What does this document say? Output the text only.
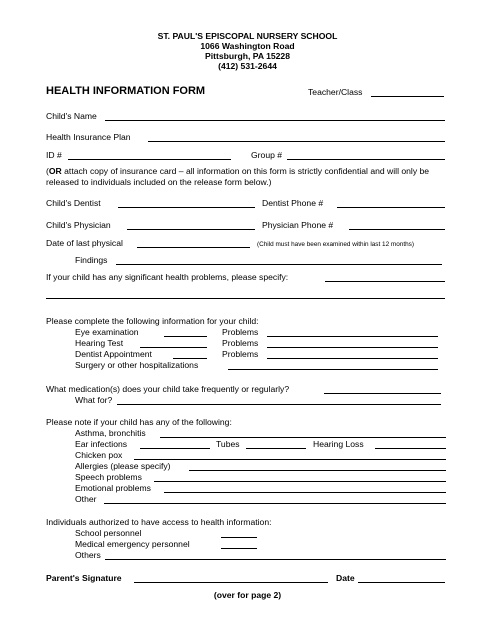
ST. PAUL'S EPISCOPAL NURSERY SCHOOL
1066 Washington Road
Pittsburgh, PA 15228
(412) 531-2644
HEALTH INFORMATION FORM	Teacher/Class
Child's Name
Health Insurance Plan
ID #	Group #
(OR attach copy of insurance card – all information on this form is strictly confidential and will only be released to individuals included on the release form below.)
Child's Dentist	Dentist Phone #
Child's Physician	Physician Phone #
Date of last physical	(Child must have been examined within last 12 months)
Findings
If your child has any significant health problems, please specify:
Please complete the following information for your child:
Eye examination	Problems
Hearing Test	Problems
Dentist Appointment	Problems
Surgery or other hospitalizations
What medication(s) does your child take frequently or regularly?
What for?
Please note if your child has any of the following:
Asthma, bronchitis
Ear infections	Tubes	Hearing Loss
Chicken pox
Allergies (please specify)
Speech problems
Emotional problems
Other
Individuals authorized to have access to health information:
School personnel
Medical emergency personnel
Others
Parent's Signature	Date
(over for page 2)
